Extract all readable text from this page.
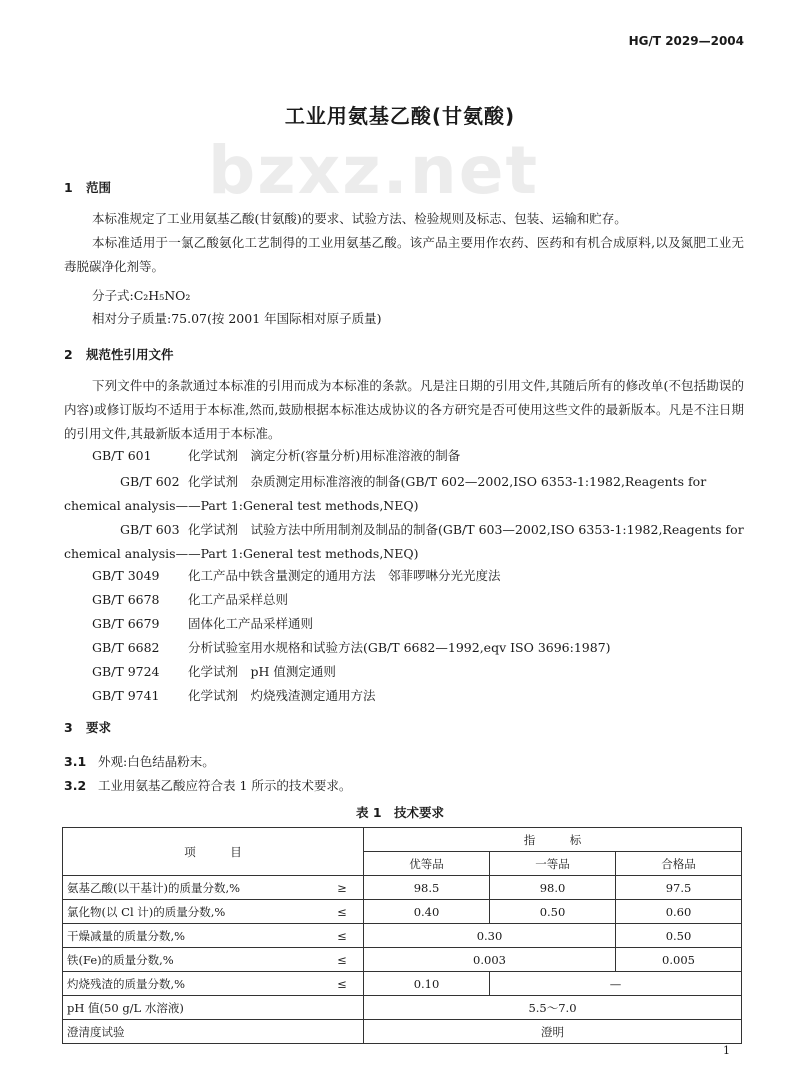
HG/T 2029—2004
工业用氨基乙酸(甘氨酸)
bzxz.net
1 范围
本标准规定了工业用氨基乙酸(甘氨酸)的要求、试验方法、检验规则及标志、包装、运输和贮存。
本标准适用于一氯乙酸氨化工艺制得的工业用氨基乙酸。该产品主要用作农药、医药和有机合成原料,以及氮肥工业无毒脱碳净化剂等。
分子式:C₂H₅NO₂
相对分子质量:75.07(按 2001 年国际相对原子质量)
2 规范性引用文件
下列文件中的条款通过本标准的引用而成为本标准的条款。凡是注日期的引用文件,其随后所有的修改单(不包括勘误的内容)或修订版均不适用于本标准,然而,鼓励根据本标准达成协议的各方研究是否可使用这些文件的最新版本。凡是不注日期的引用文件,其最新版本适用于本标准。
GB/T 601	化学试剂　滴定分析(容量分析)用标准溶液的制备
GB/T 602 化学试剂　杂质测定用标准溶液的制备(GB/T 602—2002,ISO 6353-1:1982,Reagents for chemical analysis——Part 1:General test methods,NEQ)
GB/T 603 化学试剂　试验方法中所用制剂及制品的制备(GB/T 603—2002,ISO 6353-1:1982,Reagents for chemical analysis——Part 1:General test methods,NEQ)
GB/T 3049 化工产品中铁含量测定的通用方法　邻菲啰啉分光光度法
GB/T 6678 化工产品采样总则
GB/T 6679 固体化工产品采样通则
GB/T 6682 分析试验室用水规格和试验方法(GB/T 6682—1992,eqv ISO 3696:1987)
GB/T 9724 化学试剂　pH 值测定通则
GB/T 9741 化学试剂　灼烧残渣测定通用方法
3 要求
3.1 外观:白色结晶粉末。
3.2 工业用氨基乙酸应符合表 1 所示的技术要求。
表 1　技术要求
项　　　目		指　　　标		
		优等品	一等品	合格品
氨基乙酸(以干基计)的质量分数,%	≥	98.5	98.0	97.5
氯化物(以 Cl 计)的质量分数,%	≤	0.40	0.50	0.60
干燥减量的质量分数,%	≤	0.30		0.50
铁(Fe)的质量分数,%	≤	0.003		0.005
灼烧残渣的质量分数,%	≤	0.10	—	
pH 值(50 g/L 水溶液)		5.5～7.0		
澄清度试验		澄明		
1
